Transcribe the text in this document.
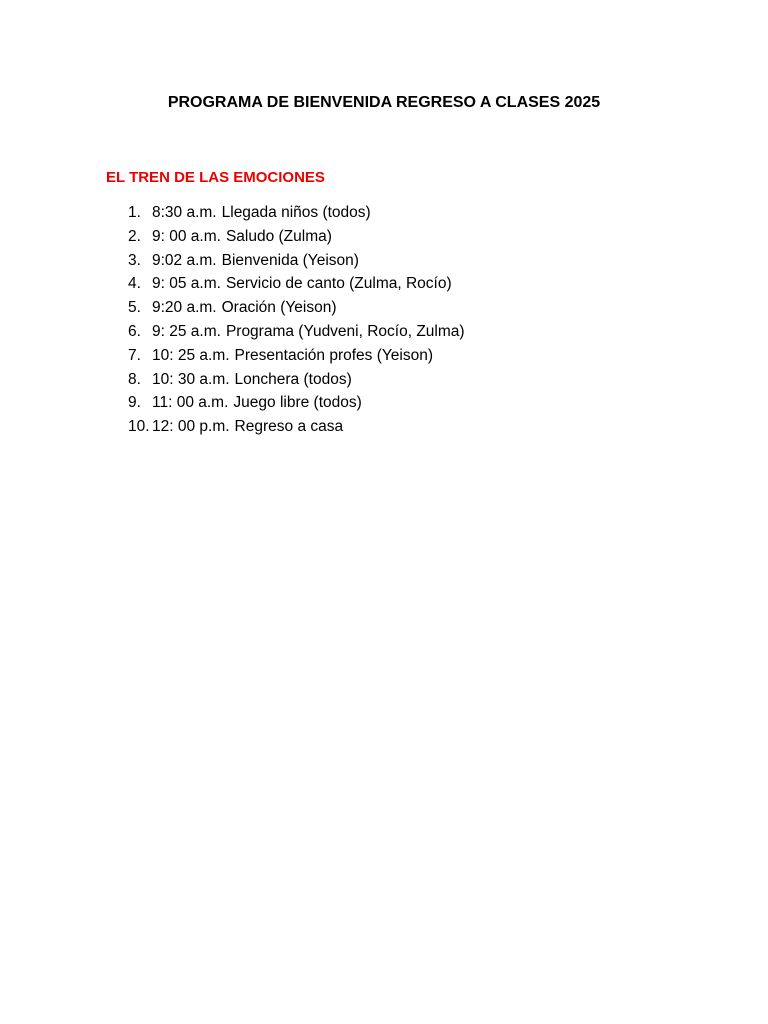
PROGRAMA DE BIENVENIDA REGRESO A CLASES 2025
EL TREN DE LAS EMOCIONES
1. 8:30 a.m. Llegada niños (todos)
2. 9: 00 a.m. Saludo (Zulma)
3. 9:02 a.m. Bienvenida (Yeison)
4. 9: 05 a.m. Servicio de canto (Zulma, Rocío)
5. 9:20 a.m. Oración (Yeison)
6. 9: 25 a.m. Programa (Yudveni, Rocío, Zulma)
7. 10: 25 a.m. Presentación profes (Yeison)
8. 10: 30 a.m. Lonchera (todos)
9. 11: 00 a.m. Juego libre (todos)
10. 12: 00 p.m. Regreso a casa
